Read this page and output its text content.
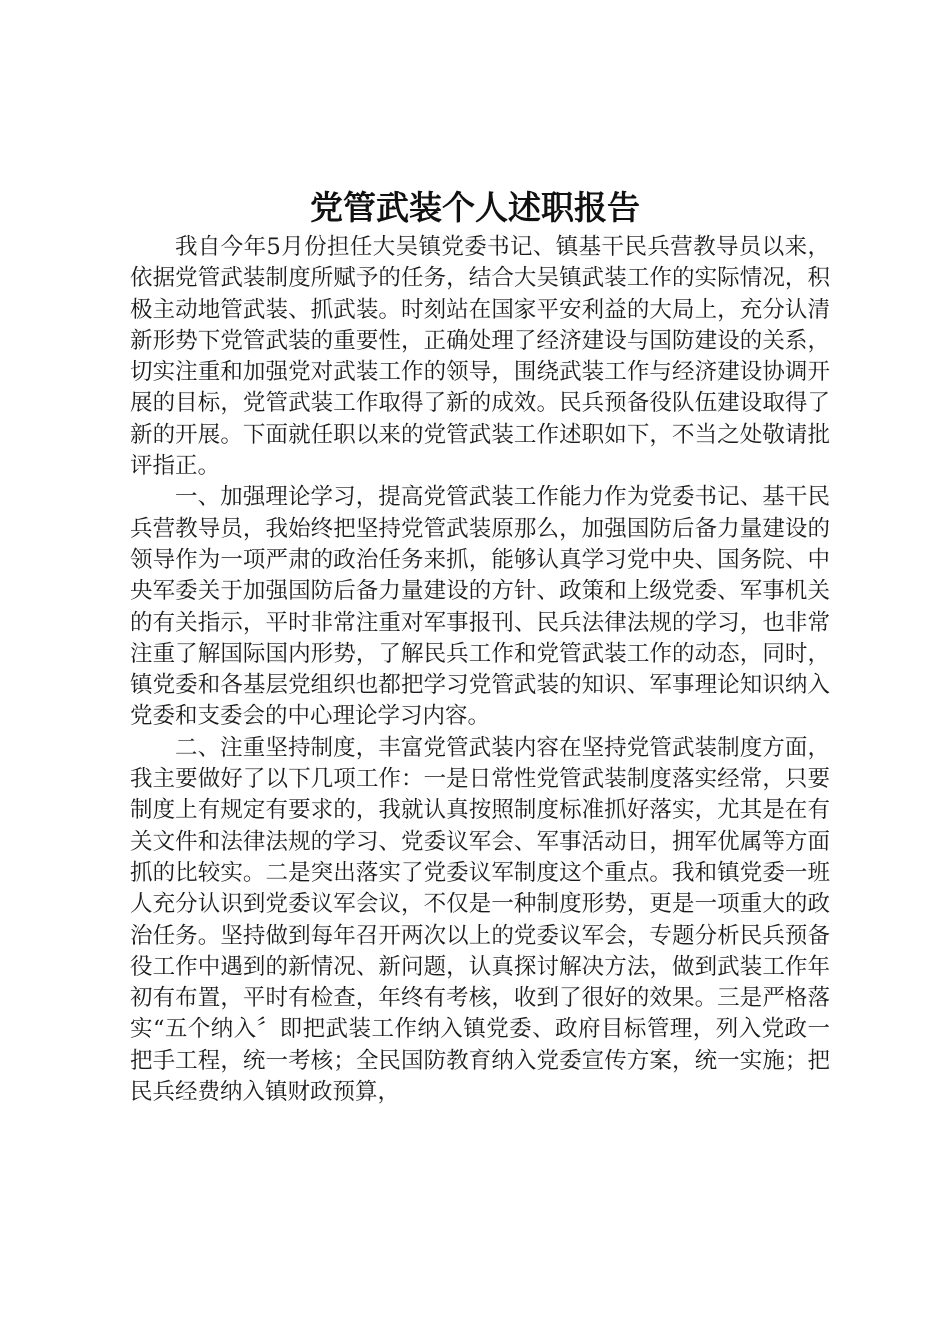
党管武装个人述职报告

我自今年5月份担任大吴镇党委书记、镇基干民兵营教导员以来，依据党管武装制度所赋予的任务，结合大吴镇武装工作的实际情况，积极主动地管武装、抓武装。时刻站在国家平安利益的大局上，充分认清新形势下党管武装的重要性，正确处理了经济建设与国防建设的关系，切实注重和加强党对武装工作的领导，围绕武装工作与经济建设协调开展的目标，党管武装工作取得了新的成效。民兵预备役队伍建设取得了新的开展。下面就任职以来的党管武装工作述职如下，不当之处敬请批评指正。

一、加强理论学习，提高党管武装工作能力作为党委书记、基干民兵营教导员，我始终把坚持党管武装原那么，加强国防后备力量建设的领导作为一项严肃的政治任务来抓，能够认真学习党中央、国务院、中央军委关于加强国防后备力量建设的方针、政策和上级党委、军事机关的有关指示，平时非常注重对军事报刊、民兵法律法规的学习，也非常注重了解国际国内形势，了解民兵工作和党管武装工作的动态，同时，镇党委和各基层党组织也都把学习党管武装的知识、军事理论知识纳入党委和支委会的中心理论学习内容。

二、注重坚持制度，丰富党管武装内容在坚持党管武装制度方面，我主要做好了以下几项工作：一是日常性党管武装制度落实经常，只要制度上有规定有要求的，我就认真按照制度标准抓好落实，尤其是在有关文件和法律法规的学习、党委议军会、军事活动日，拥军优属等方面抓的比较实。二是突出落实了党委议军制度这个重点。我和镇党委一班人充分认识到党委议军会议，不仅是一种制度形势，更是一项重大的政治任务。坚持做到每年召开两次以上的党委议军会，专题分析民兵预备役工作中遇到的新情况、新问题，认真探讨解决方法，做到武装工作年初有布置，平时有检查，年终有考核，收到了很好的效果。三是严格落实“五个纳入〞即把武装工作纳入镇党委、政府目标管理，列入党政一把手工程，统一考核；全民国防教育纳入党委宣传方案，统一实施；把民兵经费纳入镇财政预算，
